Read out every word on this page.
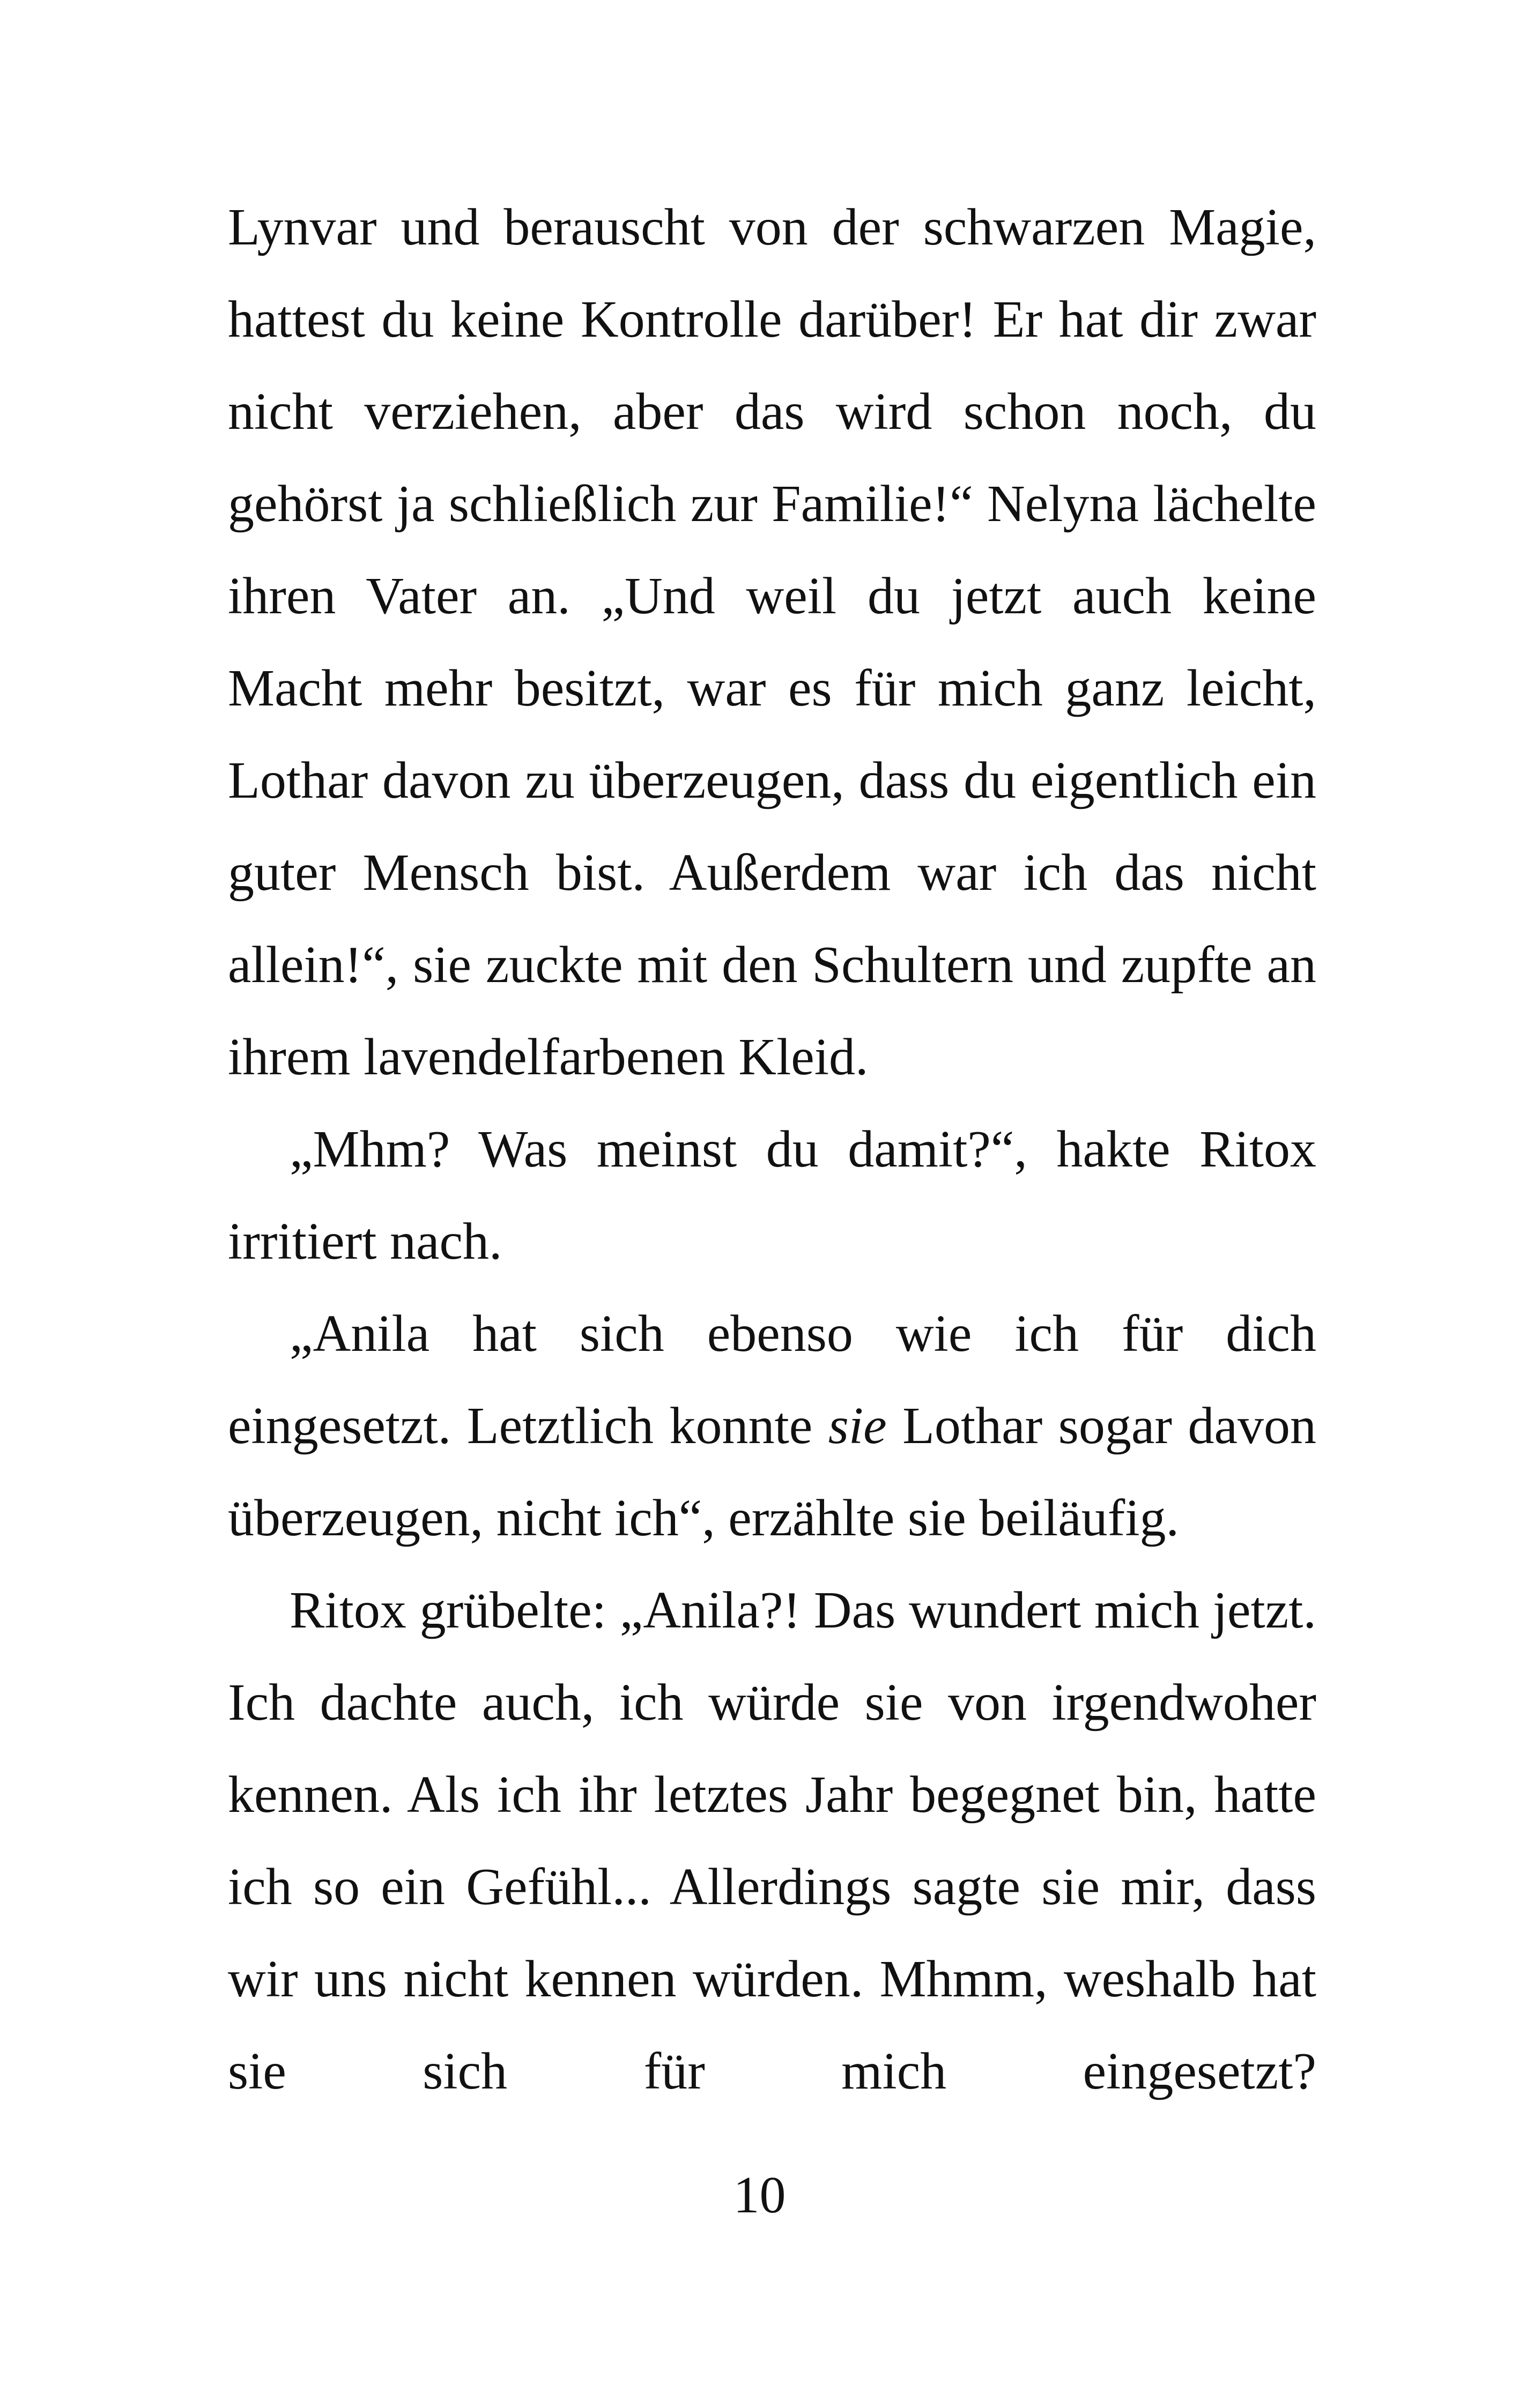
Lynvar und berauscht von der schwarzen Magie, hattest du keine Kontrolle darüber! Er hat dir zwar nicht verziehen, aber das wird schon noch, du gehörst ja schließlich zur Familie!“ Nelyna lächelte ihren Vater an. „Und weil du jetzt auch keine Macht mehr besitzt, war es für mich ganz leicht, Lothar davon zu überzeugen, dass du eigentlich ein guter Mensch bist. Außerdem war ich das nicht allein!“, sie zuckte mit den Schultern und zupfte an ihrem lavendelfarbenen Kleid.

„Mhm? Was meinst du damit?“, hakte Ritox irritiert nach.

„Anila hat sich ebenso wie ich für dich eingesetzt. Letztlich konnte sie Lothar sogar davon überzeugen, nicht ich“, erzählte sie beiläufig.

Ritox grübelte: „Anila?! Das wundert mich jetzt. Ich dachte auch, ich würde sie von irgendwoher kennen. Als ich ihr letztes Jahr begegnet bin, hatte ich so ein Gefühl... Allerdings sagte sie mir, dass wir uns nicht kennen würden. Mhmm, weshalb hat sie sich für mich eingesetzt?

10
